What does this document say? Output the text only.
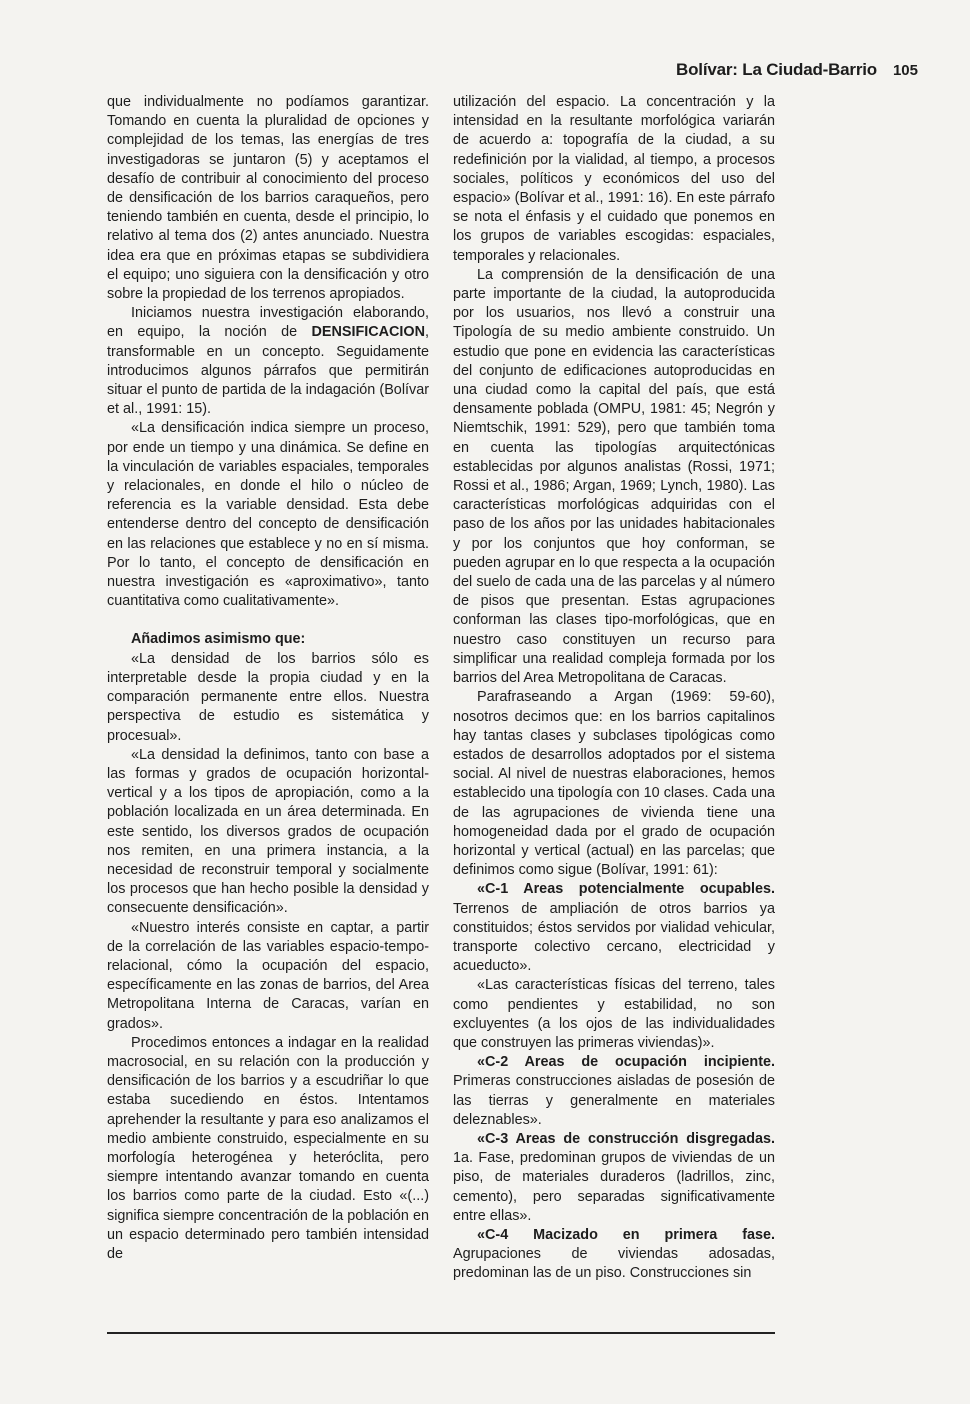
Bolívar: La Ciudad-Barrio 105

que individualmente no podíamos garantizar. Tomando en cuenta la pluralidad de opciones y complejidad de los temas, las energías de tres investigadoras se juntaron (5) y aceptamos el desafío de contribuir al conocimiento del proceso de densificación de los barrios caraqueños, pero teniendo también en cuenta, desde el principio, lo relativo al tema dos (2) antes anunciado. Nuestra idea era que en próximas etapas se subdividiera el equipo; uno siguiera con la densificación y otro sobre la propiedad de los terrenos apropiados.

Iniciamos nuestra investigación elaborando, en equipo, la noción de DENSIFICACION, transformable en un concepto. Seguidamente introducimos algunos párrafos que permitirán situar el punto de partida de la indagación (Bolívar et al., 1991: 15).

«La densificación indica siempre un proceso, por ende un tiempo y una dinámica. Se define en la vinculación de variables espaciales, temporales y relacionales, en donde el hilo o núcleo de referencia es la variable densidad. Esta debe entenderse dentro del concepto de densificación en las relaciones que establece y no en sí misma. Por lo tanto, el concepto de densificación en nuestra investigación es «aproximativo», tanto cuantitativa como cualitativamente».

Añadimos asimismo que:

«La densidad de los barrios sólo es interpretable desde la propia ciudad y en la comparación permanente entre ellos. Nuestra perspectiva de estudio es sistemática y procesual».

«La densidad la definimos, tanto con base a las formas y grados de ocupación horizontal-vertical y a los tipos de apropiación, como a la población localizada en un área determinada. En este sentido, los diversos grados de ocupación nos remiten, en una primera instancia, a la necesidad de reconstruir temporal y socialmente los procesos que han hecho posible la densidad y consecuente densificación».

«Nuestro interés consiste en captar, a partir de la correlación de las variables espacio-tempo-relacional, cómo la ocupación del espacio, específicamente en las zonas de barrios, del Area Metropolitana Interna de Caracas, varían en grados».

Procedimos entonces a indagar en la realidad macrosocial, en su relación con la producción y densificación de los barrios y a escudriñar lo que estaba sucediendo en éstos. Intentamos aprehender la resultante y para eso analizamos el medio ambiente construido, especialmente en su morfología heterogénea y heteróclita, pero siempre intentando avanzar tomando en cuenta los barrios como parte de la ciudad. Esto «(...) significa siempre concentración de la población en un espacio determinado pero también intensidad de

utilización del espacio. La concentración y la intensidad en la resultante morfológica variarán de acuerdo a: topografía de la ciudad, a su redefinición por la vialidad, al tiempo, a procesos sociales, políticos y económicos del uso del espacio» (Bolívar et al., 1991: 16). En este párrafo se nota el énfasis y el cuidado que ponemos en los grupos de variables escogidas: espaciales, temporales y relacionales.

La comprensión de la densificación de una parte importante de la ciudad, la autoproducida por los usuarios, nos llevó a construir una Tipología de su medio ambiente construido. Un estudio que pone en evidencia las características del conjunto de edificaciones autoproducidas en una ciudad como la capital del país, que está densamente poblada (OMPU, 1981: 45; Negrón y Niemtschik, 1991: 529), pero que también toma en cuenta las tipologías arquitectónicas establecidas por algunos analistas (Rossi, 1971; Rossi et al., 1986; Argan, 1969; Lynch, 1980). Las características morfológicas adquiridas con el paso de los años por las unidades habitacionales y por los conjuntos que hoy conforman, se pueden agrupar en lo que respecta a la ocupación del suelo de cada una de las parcelas y al número de pisos que presentan. Estas agrupaciones conforman las clases tipo-morfológicas, que en nuestro caso constituyen un recurso para simplificar una realidad compleja formada por los barrios del Area Metropolitana de Caracas.

Parafraseando a Argan (1969: 59-60), nosotros decimos que: en los barrios capitalinos hay tantas clases y subclases tipológicas como estados de desarrollos adoptados por el sistema social. Al nivel de nuestras elaboraciones, hemos establecido una tipología con 10 clases. Cada una de las agrupaciones de vivienda tiene una homogeneidad dada por el grado de ocupación horizontal y vertical (actual) en las parcelas; que definimos como sigue (Bolívar, 1991: 61):

«C-1 Areas potencialmente ocupables. Terrenos de ampliación de otros barrios ya constituidos; éstos servidos por vialidad vehicular, transporte colectivo cercano, electricidad y acueducto».

«Las características físicas del terreno, tales como pendientes y estabilidad, no son excluyentes (a los ojos de las individualidades que construyen las primeras viviendas)».

«C-2 Areas de ocupación incipiente. Primeras construcciones aisladas de posesión de las tierras y generalmente en materiales deleznables».

«C-3 Areas de construcción disgregadas. 1a. Fase, predominan grupos de viviendas de un piso, de materiales duraderos (ladrillos, zinc, cemento), pero separadas significativamente entre ellas».

«C-4 Macizado en primera fase. Agrupaciones de viviendas adosadas, predominan las de un piso. Construcciones sin
